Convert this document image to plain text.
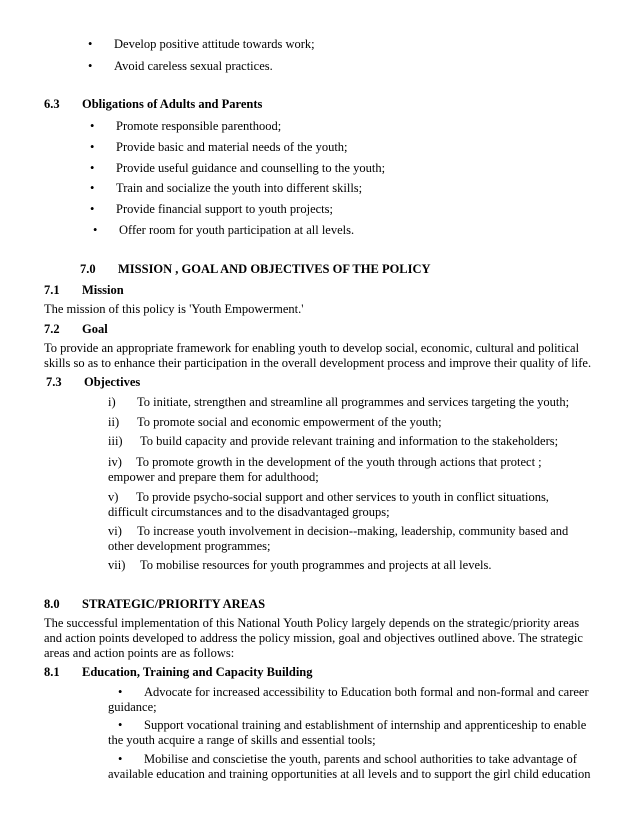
• Develop positive attitude towards work;
• Avoid careless sexual practices.
6.3 Obligations of Adults and Parents
• Promote responsible parenthood;
• Provide basic and material needs of the youth;
• Provide useful guidance and counselling to the youth;
• Train and socialize the youth into different skills;
• Provide financial support to youth projects;
• Offer room for youth participation at all levels.
7.0 MISSION , GOAL AND OBJECTIVES OF THE POLICY
7.1 Mission
The mission of this policy is 'Youth Empowerment.'
7.2 Goal
To provide an appropriate framework for enabling youth to develop social, economic, cultural and political
skills so as to enhance their participation in the overall development process and improve their quality of life.
7.3 Objectives
i) To initiate, strengthen and streamline all programmes and services targeting the youth;
ii) To promote social and economic empowerment of the youth;
iii) To build capacity and provide relevant training and information to the stakeholders;
iv) To promote growth in the development of the youth through actions that protect ;
empower and prepare them for adulthood;
v) To provide psycho-social support and other services to youth in conflict situations,
difficult circumstances and to the disadvantaged groups;
vi) To increase youth involvement in decision--making, leadership, community based and
other development programmes;
vii) To mobilise resources for youth programmes and projects at all levels.
8.0 STRATEGIC/PRIORITY AREAS
The successful implementation of this National Youth Policy largely depends on the strategic/priority areas
and action points developed to address the policy mission, goal and objectives outlined above. The strategic
areas and action points are as follows:
8.1 Education, Training and Capacity Building
Advocate for increased accessibility to Education both formal and non-formal and career
•
guidance;
Support vocational training and establishment of internship and apprenticeship to enable
•
the youth acquire a range of skills and essential tools;
Mobilise and conscietise the youth, parents and school authorities to take advantage of
•
available education and training opportunities at all levels and to support the girl child education
